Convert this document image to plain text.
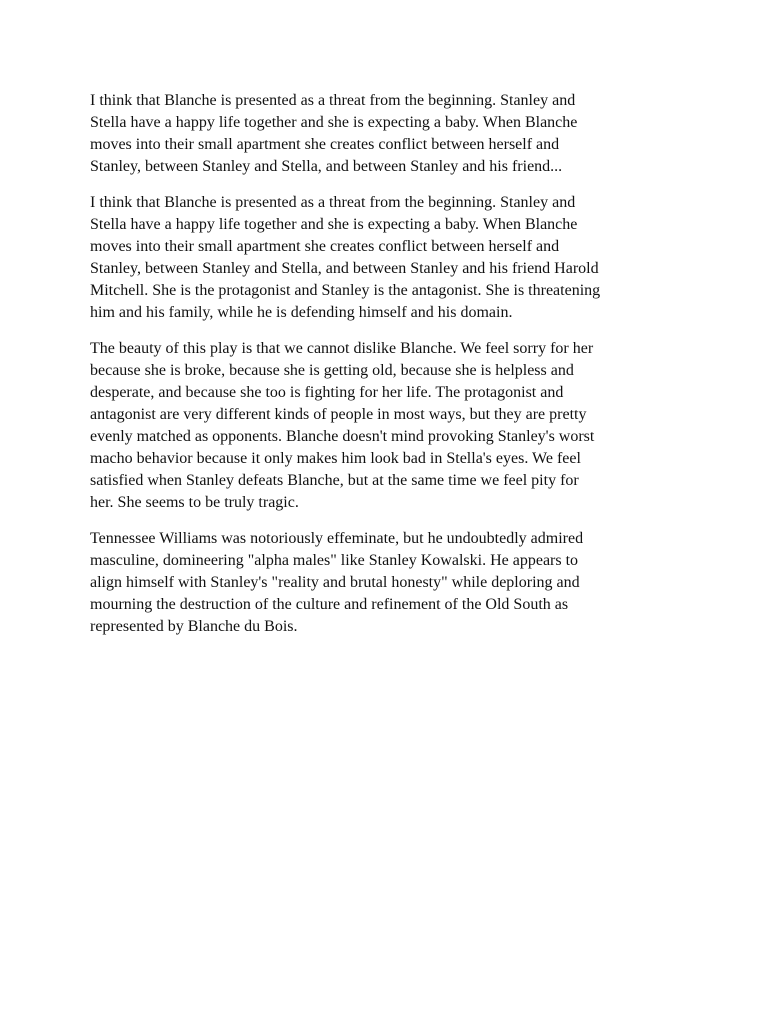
I think that Blanche is presented as a threat from the beginning. Stanley and
Stella have a happy life together and she is expecting a baby. When Blanche
moves into their small apartment she creates conflict between herself and
Stanley, between Stanley and Stella, and between Stanley and his friend...

I think that Blanche is presented as a threat from the beginning. Stanley and
Stella have a happy life together and she is expecting a baby. When Blanche
moves into their small apartment she creates conflict between herself and
Stanley, between Stanley and Stella, and between Stanley and his friend Harold
Mitchell. She is the protagonist and Stanley is the antagonist. She is threatening
him and his family, while he is defending himself and his domain.

The beauty of this play is that we cannot dislike Blanche. We feel sorry for her
because she is broke, because she is getting old, because she is helpless and
desperate, and because she too is fighting for her life. The protagonist and
antagonist are very different kinds of people in most ways, but they are pretty
evenly matched as opponents. Blanche doesn't mind provoking Stanley's worst
macho behavior because it only makes him look bad in Stella's eyes. We feel
satisfied when Stanley defeats Blanche, but at the same time we feel pity for
her. She seems to be truly tragic.

Tennessee Williams was notoriously effeminate, but he undoubtedly admired
masculine, domineering "alpha males" like Stanley Kowalski. He appears to
align himself with Stanley's "reality and brutal honesty" while deploring and
mourning the destruction of the culture and refinement of the Old South as
represented by Blanche du Bois.
